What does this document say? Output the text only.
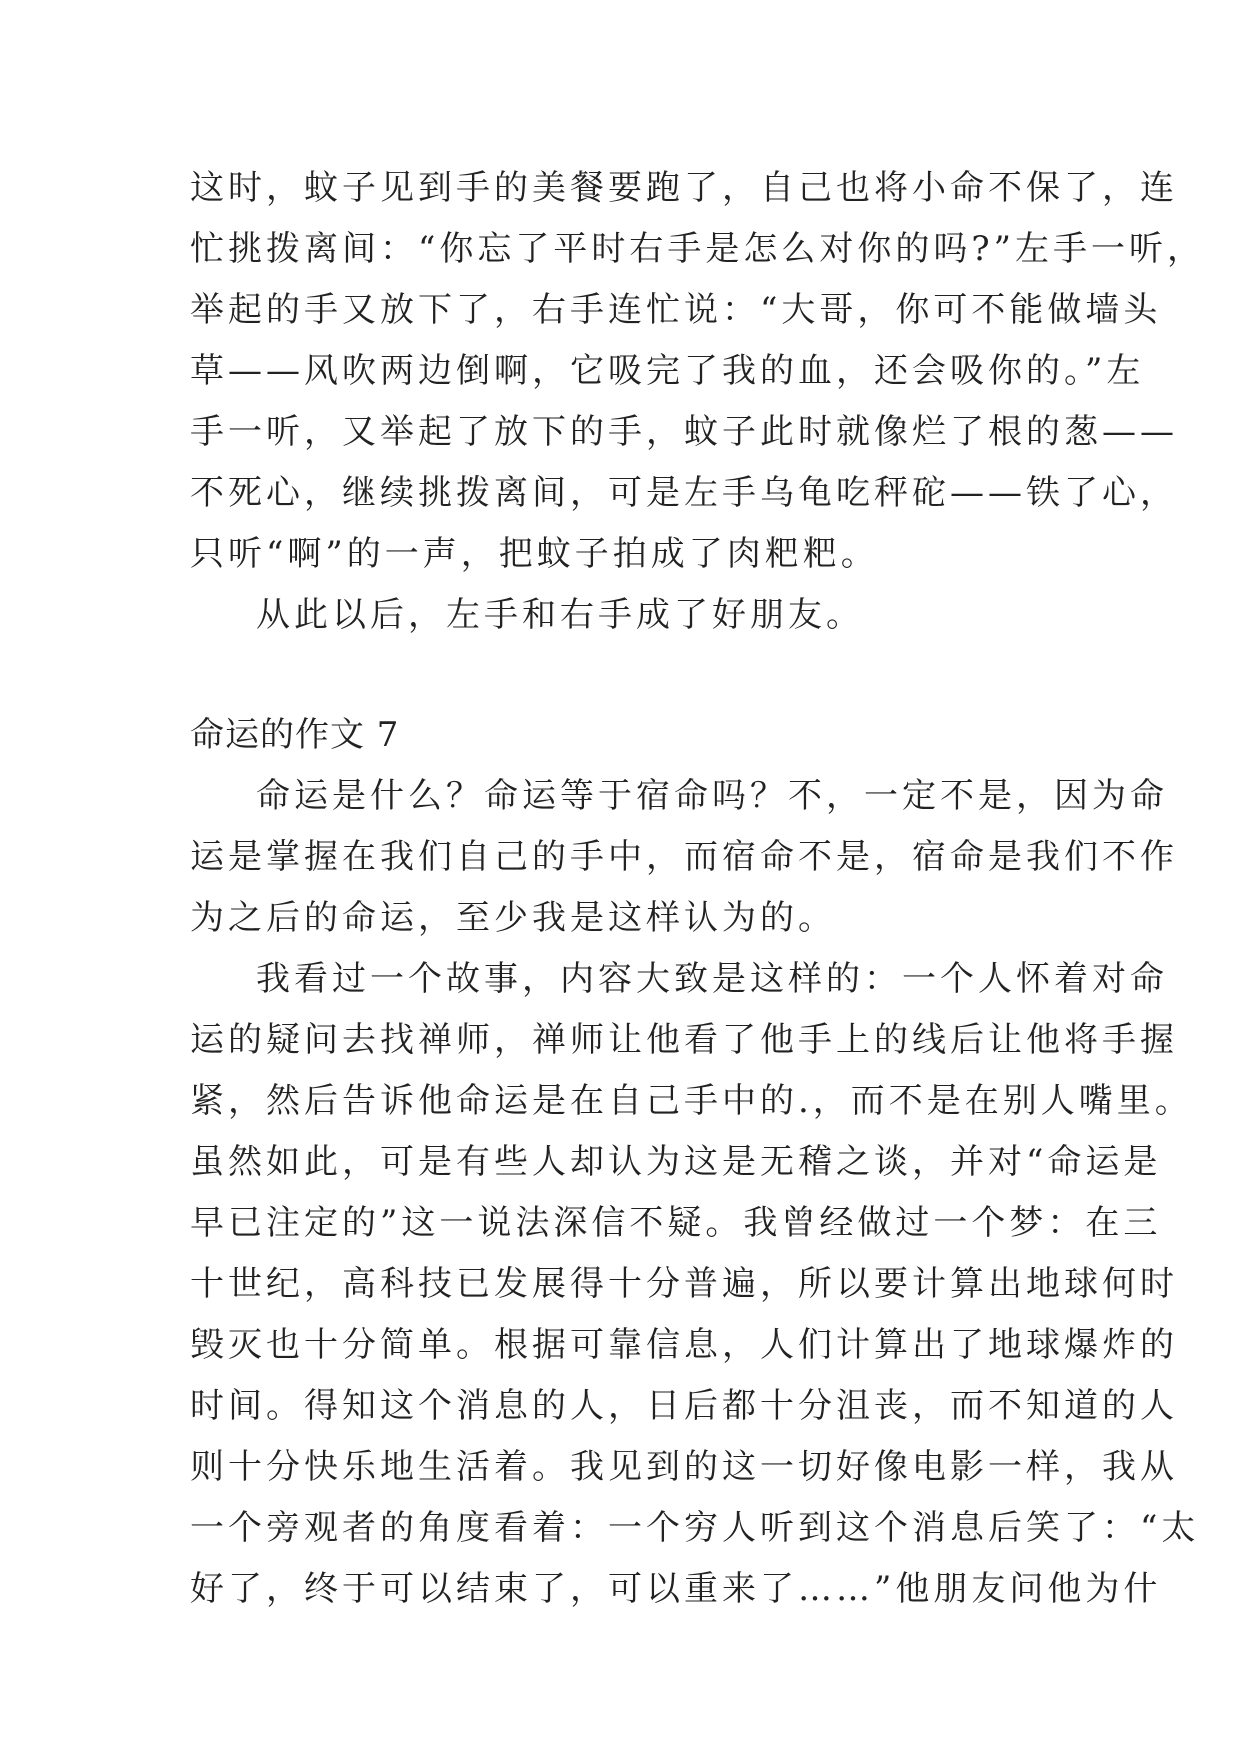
这时，蚊子见到手的美餐要跑了，自己也将小命不保了，连
忙挑拨离间：“你忘了平时右手是怎么对你的吗?”左手一听，
举起的手又放下了，右手连忙说：“大哥，你可不能做墙头
草——风吹两边倒啊，它吸完了我的血，还会吸你的。”左
手一听，又举起了放下的手，蚊子此时就像烂了根的葱——
不死心，继续挑拨离间，可是左手乌龟吃秤砣——铁了心，
只听“啊”的一声，把蚊子拍成了肉粑粑。
从此以后，左手和右手成了好朋友。
命运的作文 7
命运是什么？命运等于宿命吗？不，一定不是，因为命
运是掌握在我们自己的手中，而宿命不是，宿命是我们不作
为之后的命运，至少我是这样认为的。
我看过一个故事，内容大致是这样的：一个人怀着对命
运的疑问去找禅师，禅师让他看了他手上的线后让他将手握
紧，然后告诉他命运是在自己手中的.，而不是在别人嘴里。
虽然如此，可是有些人却认为这是无稽之谈，并对“命运是
早已注定的”这一说法深信不疑。我曾经做过一个梦：在三
十世纪，高科技已发展得十分普遍，所以要计算出地球何时
毁灭也十分简单。根据可靠信息，人们计算出了地球爆炸的
时间。得知这个消息的人，日后都十分沮丧，而不知道的人
则十分快乐地生活着。我见到的这一切好像电影一样，我从
一个旁观者的角度看着：一个穷人听到这个消息后笑了：“太
好了，终于可以结束了，可以重来了……”他朋友问他为什
